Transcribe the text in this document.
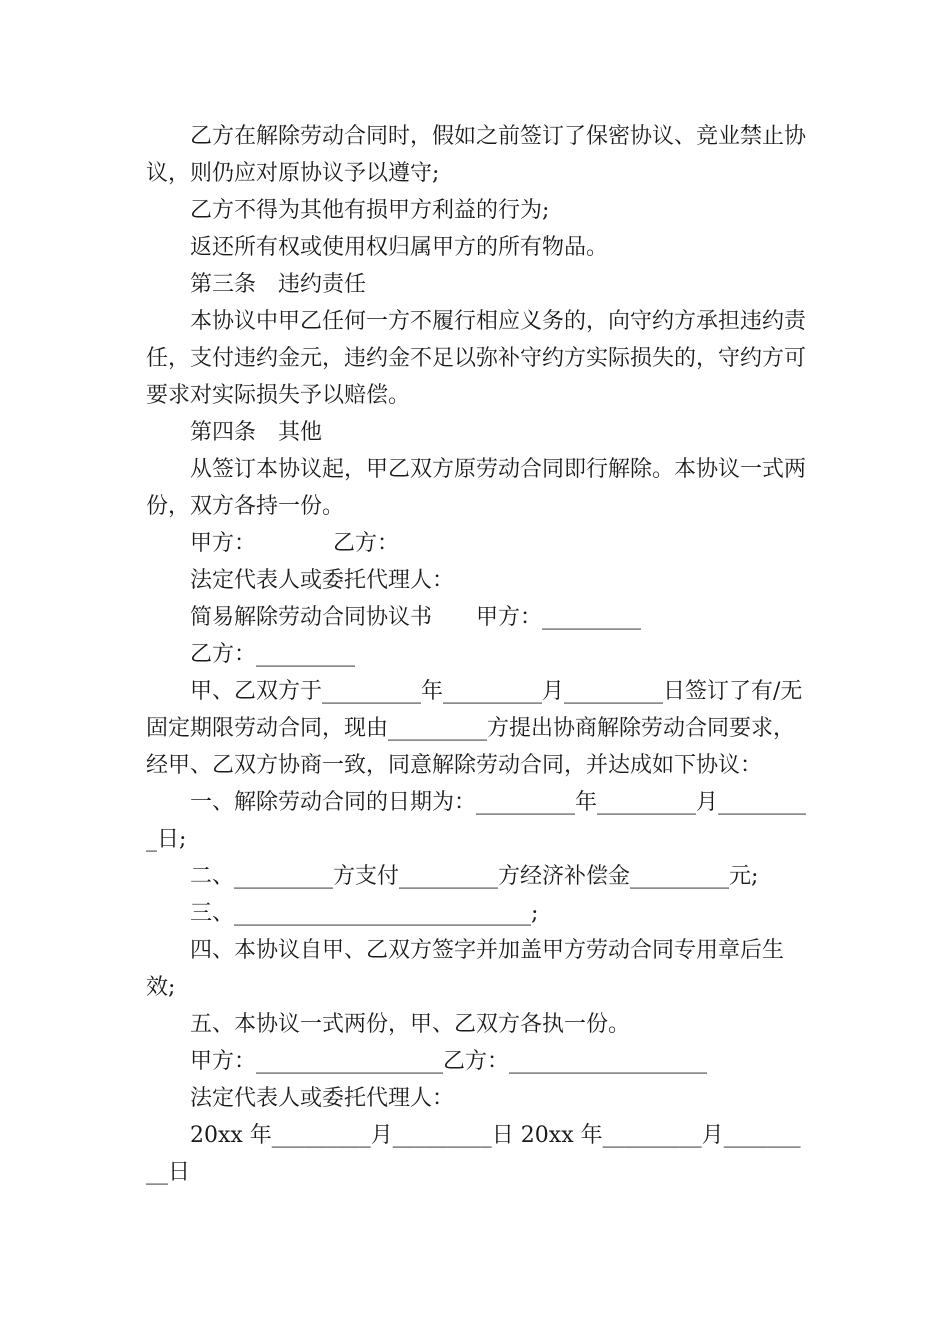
乙方在解除劳动合同时，假如之前签订了保密协议、竞业禁止协议，则仍应对原协议予以遵守;

乙方不得为其他有损甲方利益的行为;

返还所有权或使用权归属甲方的所有物品。

第三条　违约责任

本协议中甲乙任何一方不履行相应义务的，向守约方承担违约责任，支付违约金元，违约金不足以弥补守约方实际损失的，守约方可要求对实际损失予以赔偿。

第四条　其他

从签订本协议起，甲乙双方原劳动合同即行解除。本协议一式两份，双方各持一份。

甲方：　　　　乙方：

法定代表人或委托代理人：

简易解除劳动合同协议书　　甲方：_________

乙方：_________

甲、乙双方于_________年_________月_________日签订了有/无固定期限劳动合同，现由_________方提出协商解除劳动合同要求，经甲、乙双方协商一致，同意解除劳动合同，并达成如下协议：

一、解除劳动合同的日期为：_________年_________月_________日;

二、_________方支付_________方经济补偿金_________元;

三、___________________________;

四、本协议自甲、乙双方签字并加盖甲方劳动合同专用章后生效;

五、本协议一式两份，甲、乙双方各执一份。

甲方：_________________乙方：__________________

法定代表人或委托代理人：

20xx 年_________月_________日 20xx 年_________月_________日
